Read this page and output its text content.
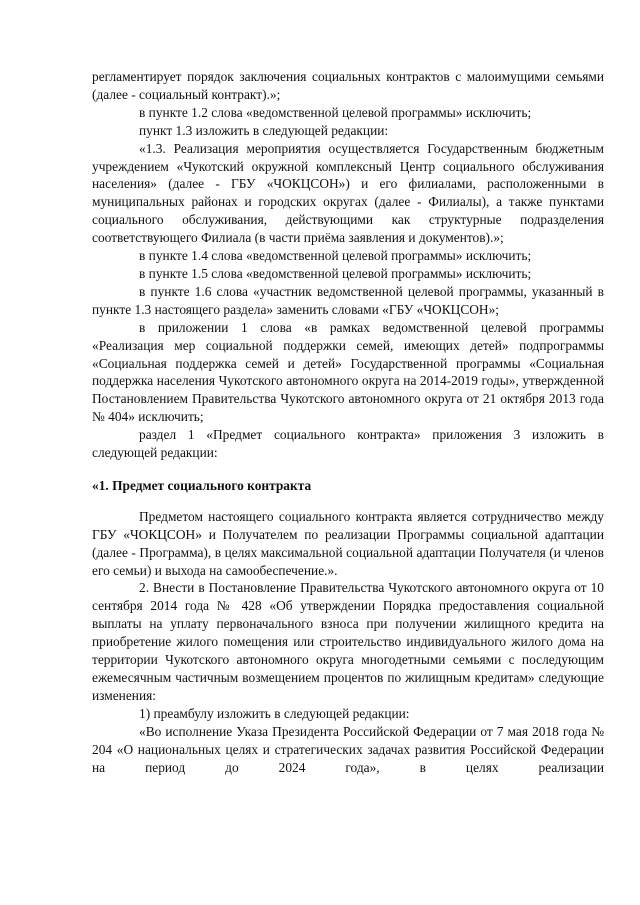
регламентирует порядок заключения социальных контрактов с малоимущими семьями (далее - социальный контракт).»;

в пункте 1.2 слова «ведомственной целевой программы» исключить;

пункт 1.3 изложить в следующей редакции:

«1.3. Реализация мероприятия осуществляется Государственным бюджетным учреждением «Чукотский окружной комплексный Центр социального обслуживания населения» (далее - ГБУ «ЧОКЦСОН») и его филиалами, расположенными в муниципальных районах и городских округах (далее - Филиалы), а также пунктами социального обслуживания, действующими как структурные подразделения соответствующего Филиала (в части приёма заявления и документов).»;

в пункте 1.4 слова «ведомственной целевой программы» исключить;

в пункте 1.5 слова «ведомственной целевой программы» исключить;

в пункте 1.6 слова «участник ведомственной целевой программы, указанный в пункте 1.3 настоящего раздела» заменить словами «ГБУ «ЧОКЦСОН»;

в приложении 1 слова «в рамках ведомственной целевой программы «Реализация мер социальной поддержки семей, имеющих детей» подпрограммы «Социальная поддержка семей и детей» Государственной программы «Социальная поддержка населения Чукотского автономного округа на 2014-2019 годы», утвержденной Постановлением Правительства Чукотского автономного округа от 21 октября 2013 года № 404» исключить;

раздел 1 «Предмет социального контракта» приложения 3 изложить в следующей редакции:

«1. Предмет социального контракта

Предметом настоящего социального контракта является сотрудничество между ГБУ «ЧОКЦСОН» и Получателем по реализации Программы социальной адаптации (далее - Программа), в целях максимальной социальной адаптации Получателя (и членов его семьи) и выхода на самообеспечение.».

2. Внести в Постановление Правительства Чукотского автономного округа от 10 сентября 2014 года № 428 «Об утверждении Порядка предоставления социальной выплаты на уплату первоначального взноса при получении жилищного кредита на приобретение жилого помещения или строительство индивидуального жилого дома на территории Чукотского автономного округа многодетными семьями с последующим ежемесячным частичным возмещением процентов по жилищным кредитам» следующие изменения:

1) преамбулу изложить в следующей редакции:

«Во исполнение Указа Президента Российской Федерации от 7 мая 2018 года № 204 «О национальных целях и стратегических задачах развития Российской Федерации на период до 2024 года», в целях реализации
